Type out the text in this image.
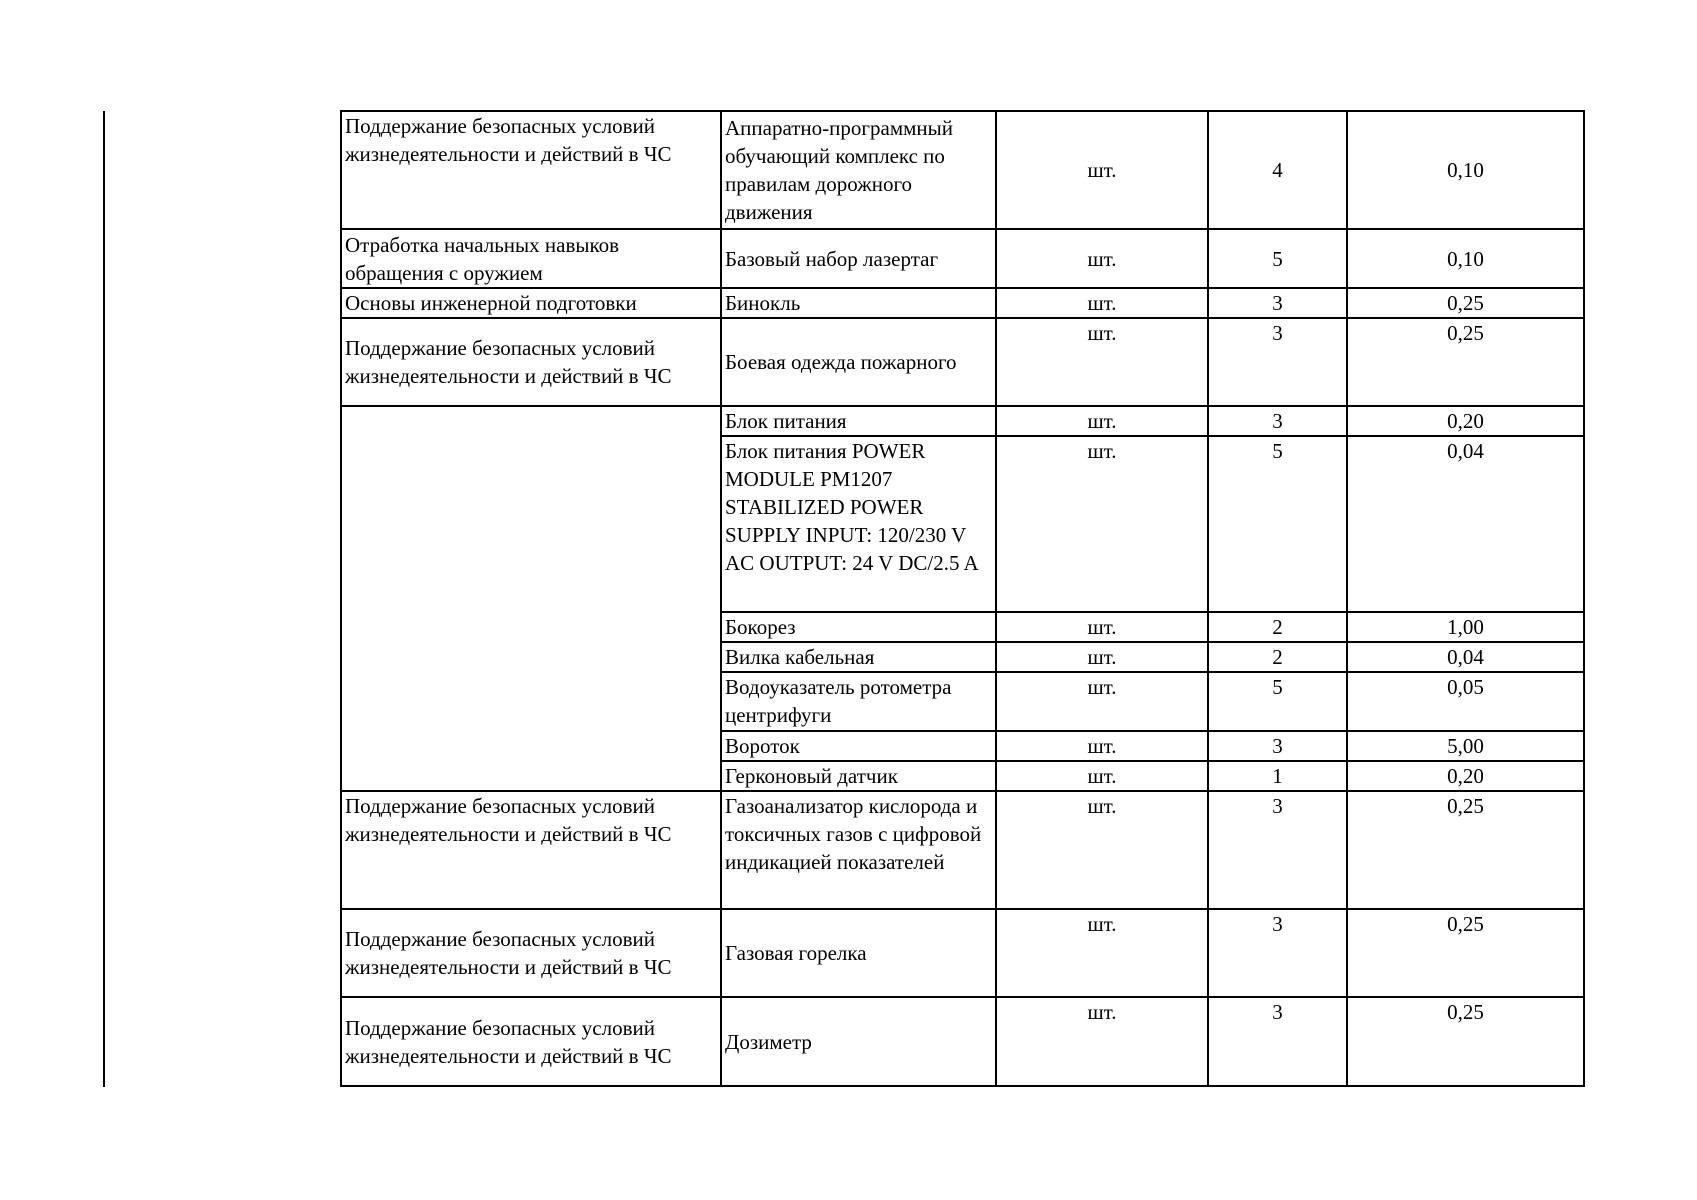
Поддержание безопасных условий жизнедеятельности и действий в ЧС	Аппаратно-программный обучающий комплекс по правилам дорожного движения	шт.	4	0,10
Отработка начальных навыков обращения с оружием	Базовый набор лазертаг	шт.	5	0,10
Основы инженерной подготовки	Бинокль	шт.	3	0,25
Поддержание безопасных условий жизнедеятельности и действий в ЧС	Боевая одежда пожарного	шт.	3	0,25
	Блок питания	шт.	3	0,20
	Блок питания POWER MODULE PM1207 STABILIZED POWER SUPPLY INPUT: 120/230 V AC OUTPUT: 24 V DC/2.5 A	шт.	5	0,04
	Бокорез	шт.	2	1,00
	Вилка кабельная	шт.	2	0,04
	Водоуказатель ротометра центрифуги	шт.	5	0,05
	Вороток	шт.	3	5,00
	Герконовый датчик	шт.	1	0,20
Поддержание безопасных условий жизнедеятельности и действий в ЧС	Газоанализатор кислорода и токсичных газов с цифровой индикацией показателей	шт.	3	0,25
Поддержание безопасных условий жизнедеятельности и действий в ЧС	Газовая горелка	шт.	3	0,25
Поддержание безопасных условий жизнедеятельности и действий в ЧС	Дозиметр	шт.	3	0,25
